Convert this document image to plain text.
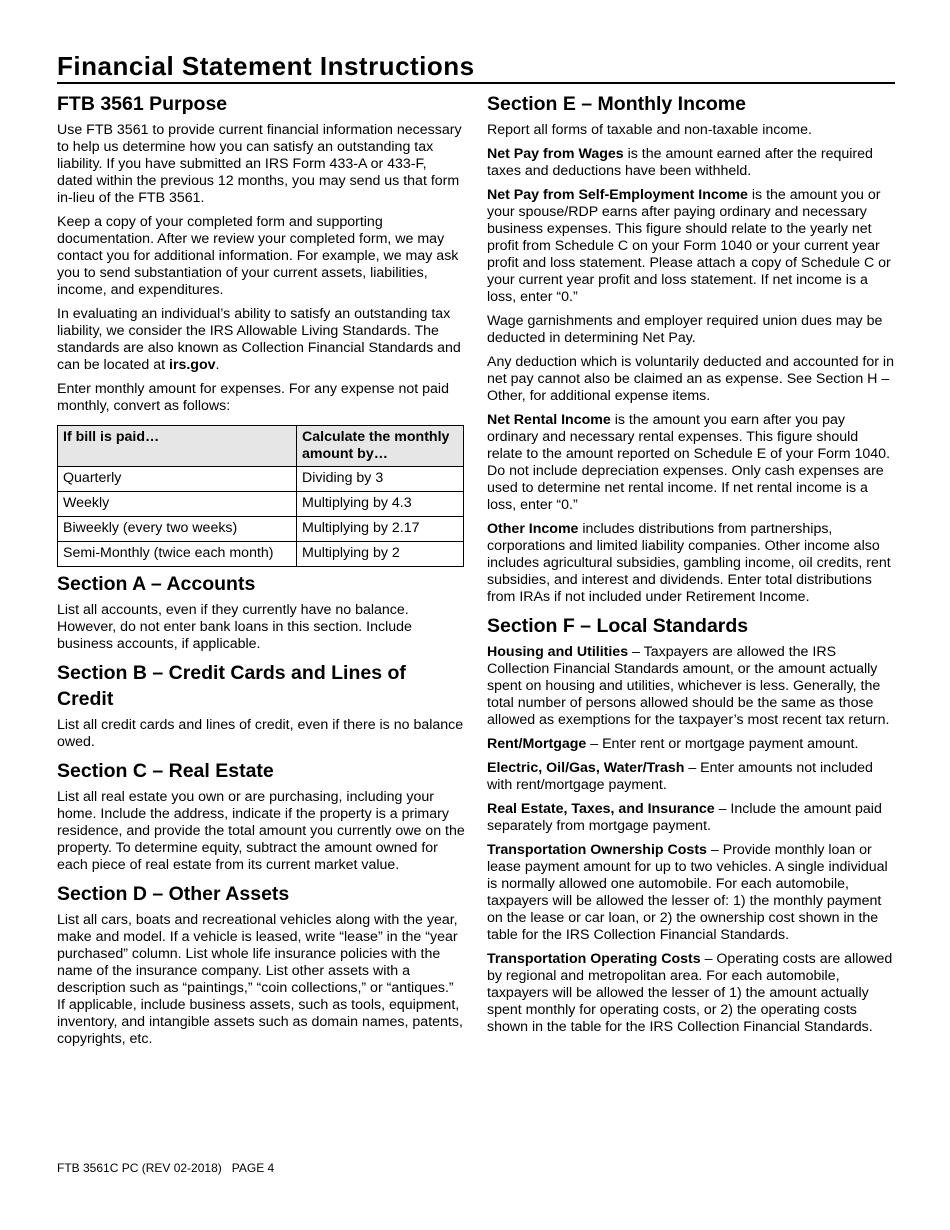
Financial Statement Instructions
FTB 3561 Purpose

Use FTB 3561 to provide current financial information necessary to help us determine how you can satisfy an outstanding tax liability. If you have submitted an IRS Form 433-A or 433-F, dated within the previous 12 months, you may send us that form in-lieu of the FTB 3561.

Keep a copy of your completed form and supporting documentation. After we review your completed form, we may contact you for additional information. For example, we may ask you to send substantiation of your current assets, liabilities, income, and expenditures.

In evaluating an individual’s ability to satisfy an outstanding tax liability, we consider the IRS Allowable Living Standards. The standards are also known as Collection Financial Standards and can be located at irs.gov.

Enter monthly amount for expenses. For any expense not paid monthly, convert as follows:

If bill is paid…	Calculate the monthly amount by…
Quarterly	Dividing by 3
Weekly	Multiplying by 4.3
Biweekly (every two weeks)	Multiplying by 2.17
Semi-Monthly (twice each month)	Multiplying by 2
Section A – Accounts

List all accounts, even if they currently have no balance. However, do not enter bank loans in this section. Include business accounts, if applicable.

Section B – Credit Cards and Lines of Credit

List all credit cards and lines of credit, even if there is no balance owed.

Section C – Real Estate

List all real estate you own or are purchasing, including your home. Include the address, indicate if the property is a primary residence, and provide the total amount you currently owe on the property. To determine equity, subtract the amount owned for each piece of real estate from its current market value.

Section D – Other Assets

List all cars, boats and recreational vehicles along with the year, make and model. If a vehicle is leased, write “lease” in the “year purchased” column. List whole life insurance policies with the name of the insurance company. List other assets with a description such as “paintings,” “coin collections,” or “antiques.” If applicable, include business assets, such as tools, equipment, inventory, and intangible assets such as domain names, patents, copyrights, etc.

Section E – Monthly Income

Report all forms of taxable and non-taxable income.

Net Pay from Wages is the amount earned after the required taxes and deductions have been withheld.

Net Pay from Self-Employment Income is the amount you or your spouse/RDP earns after paying ordinary and necessary business expenses. This figure should relate to the yearly net profit from Schedule C on your Form 1040 or your current year profit and loss statement. Please attach a copy of Schedule C or your current year profit and loss statement. If net income is a loss, enter “0.”

Wage garnishments and employer required union dues may be deducted in determining Net Pay.

Any deduction which is voluntarily deducted and accounted for in net pay cannot also be claimed an as expense. See Section H – Other, for additional expense items.

Net Rental Income is the amount you earn after you pay ordinary and necessary rental expenses. This figure should relate to the amount reported on Schedule E of your Form 1040. Do not include depreciation expenses. Only cash expenses are used to determine net rental income. If net rental income is a loss, enter “0.”

Other Income includes distributions from partnerships, corporations and limited liability companies. Other income also includes agricultural subsidies, gambling income, oil credits, rent subsidies, and interest and dividends. Enter total distributions from IRAs if not included under Retirement Income.

Section F – Local Standards

Housing and Utilities – Taxpayers are allowed the IRS Collection Financial Standards amount, or the amount actually spent on housing and utilities, whichever is less. Generally, the total number of persons allowed should be the same as those allowed as exemptions for the taxpayer’s most recent tax return.

Rent/Mortgage – Enter rent or mortgage payment amount.

Electric, Oil/Gas, Water/Trash – Enter amounts not included with rent/mortgage payment.

Real Estate, Taxes, and Insurance – Include the amount paid separately from mortgage payment.

Transportation Ownership Costs – Provide monthly loan or lease payment amount for up to two vehicles. A single individual is normally allowed one automobile. For each automobile, taxpayers will be allowed the lesser of: 1) the monthly payment on the lease or car loan, or 2) the ownership cost shown in the table for the IRS Collection Financial Standards.

Transportation Operating Costs – Operating costs are allowed by regional and metropolitan area. For each automobile, taxpayers will be allowed the lesser of 1) the amount actually spent monthly for operating costs, or 2) the operating costs shown in the table for the IRS Collection Financial Standards.

FTB 3561C PC (REV 02-2018) PAGE 4
